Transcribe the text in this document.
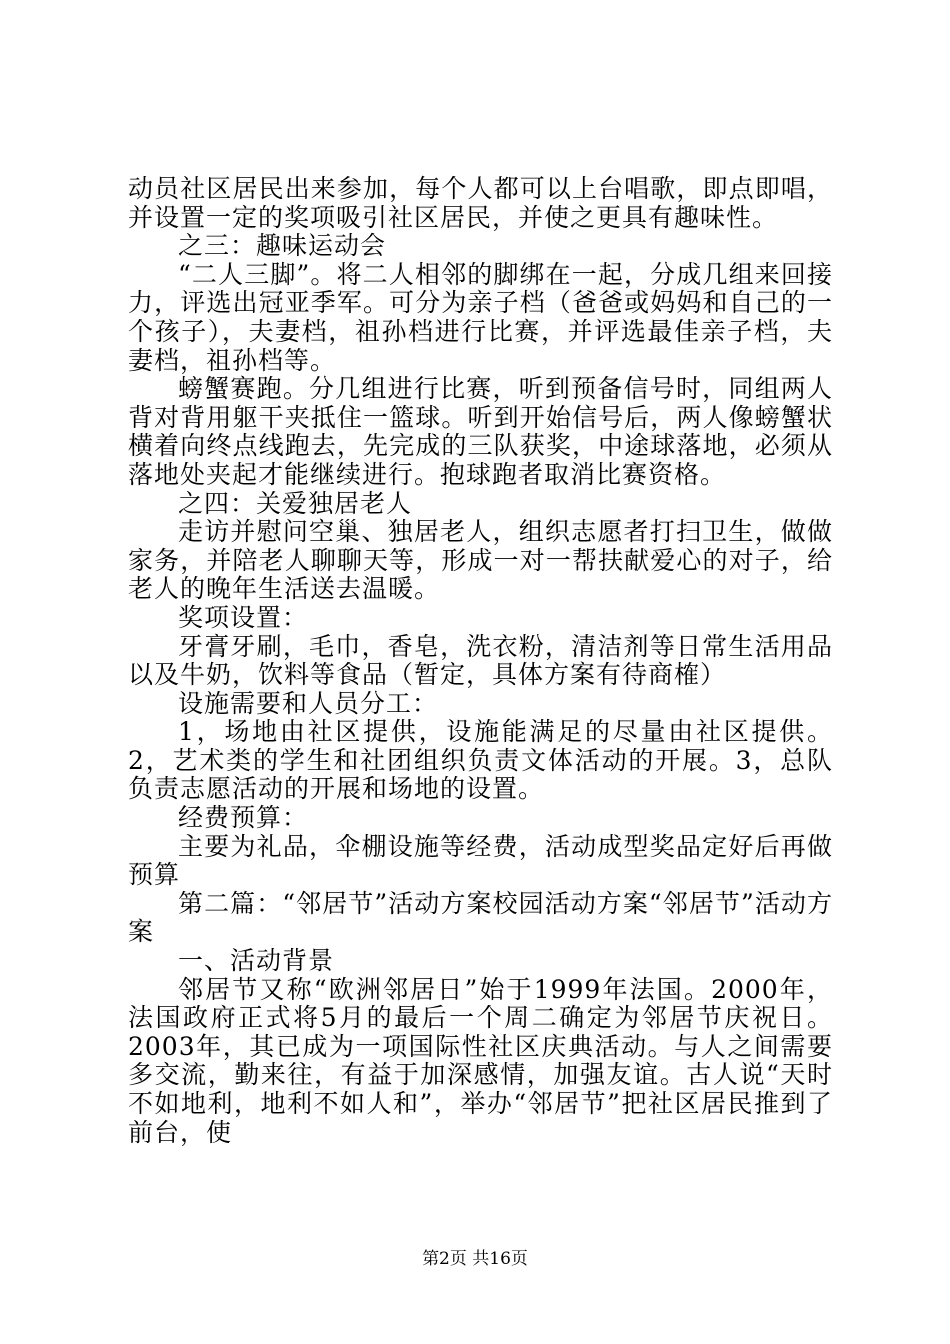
动员社区居民出来参加，每个人都可以上台唱歌，即点即唱，并设置一定的奖项吸引社区居民，并使之更具有趣味性。

之三：趣味运动会

“二人三脚”。将二人相邻的脚绑在一起，分成几组来回接力，评选出冠亚季军。可分为亲子档（爸爸或妈妈和自己的一个孩子），夫妻档，祖孙档进行比赛，并评选最佳亲子档，夫妻档，祖孙档等。

螃蟹赛跑。分几组进行比赛，听到预备信号时，同组两人背对背用躯干夹抵住一篮球。听到开始信号后，两人像螃蟹状横着向终点线跑去，先完成的三队获奖，中途球落地，必须从落地处夹起才能继续进行。抱球跑者取消比赛资格。

之四：关爱独居老人

走访并慰问空巢、独居老人，组织志愿者打扫卫生，做做家务，并陪老人聊聊天等，形成一对一帮扶献爱心的对子，给老人的晚年生活送去温暖。

奖项设置：

牙膏牙刷，毛巾，香皂，洗衣粉，清洁剂等日常生活用品以及牛奶，饮料等食品（暂定，具体方案有待商榷）

设施需要和人员分工：

1，场地由社区提供，设施能满足的尽量由社区提供。2，艺术类的学生和社团组织负责文体活动的开展。3，总队负责志愿活动的开展和场地的设置。

经费预算：

主要为礼品，伞棚设施等经费，活动成型奖品定好后再做预算

第二篇：“邻居节”活动方案校园活动方案“邻居节”活动方案

一、活动背景

邻居节又称“欧洲邻居日”始于1999年法国。2000年，法国政府正式将5月的最后一个周二确定为邻居节庆祝日。2003年，其已成为一项国际性社区庆典活动。与人之间需要多交流，勤来往，有益于加深感情，加强友谊。古人说“天时不如地利，地利不如人和”，举办“邻居节”把社区居民推到了前台，使

第2页 共16页
